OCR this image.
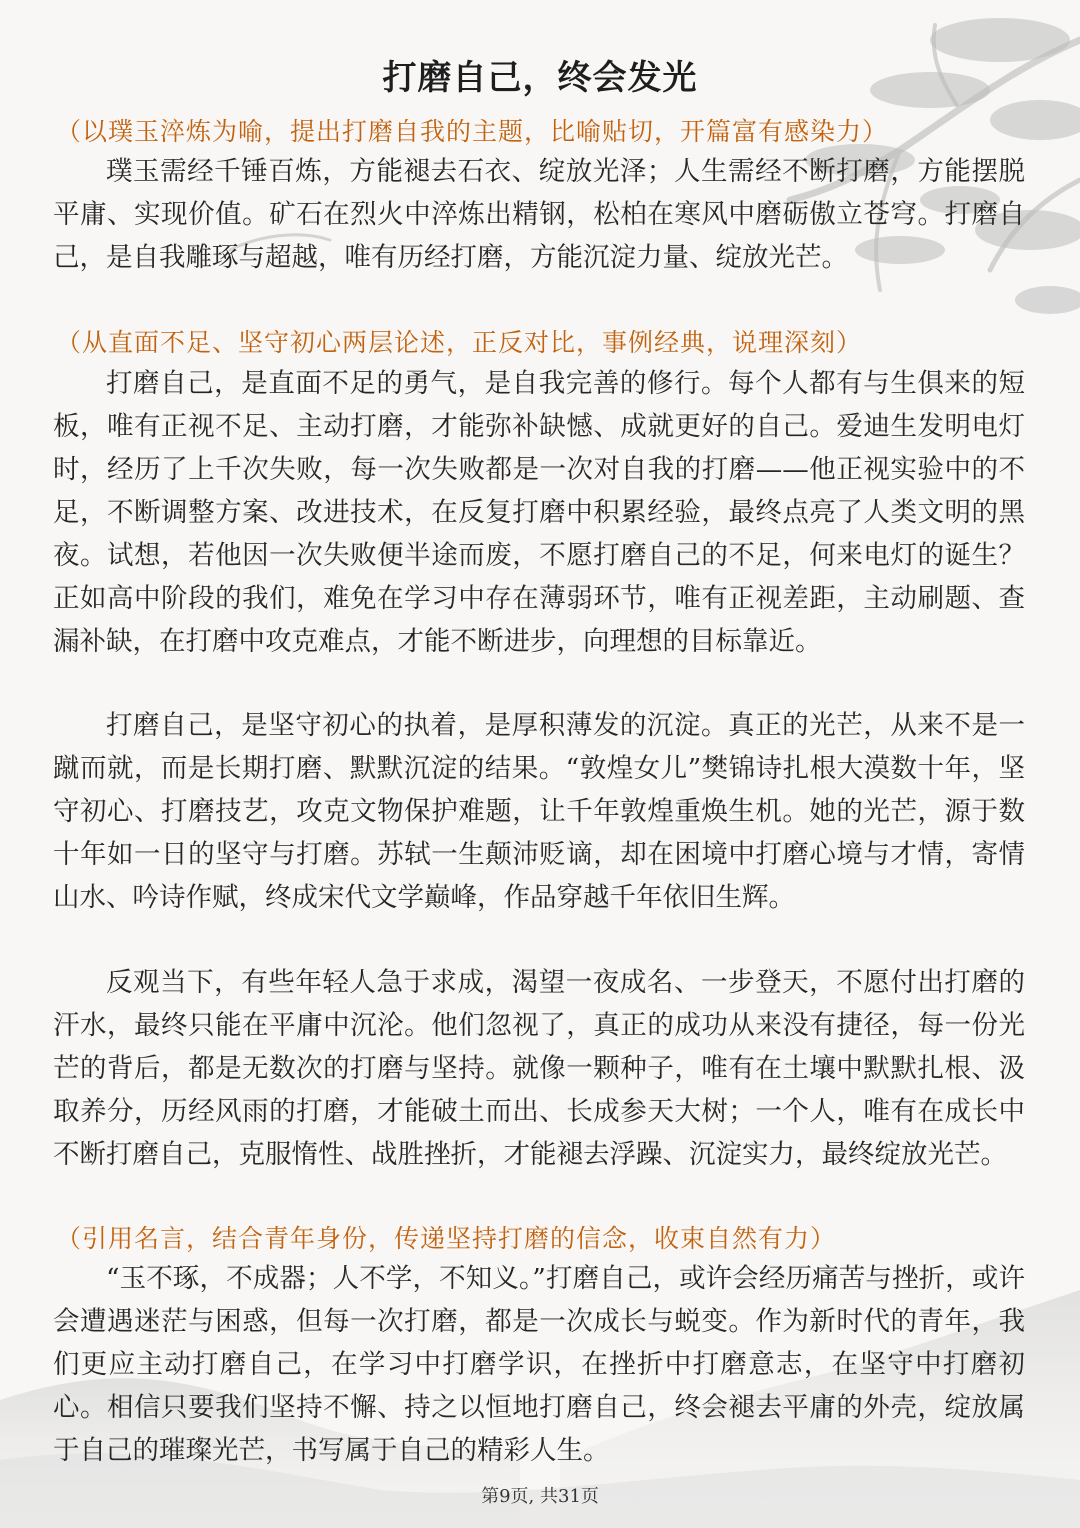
打磨自己，终会发光
（以璞玉淬炼为喻，提出打磨自我的主题，比喻贴切，开篇富有感染力）

璞玉需经千锤百炼，方能褪去石衣、绽放光泽；人生需经不断打磨，方能摆脱平庸、实现价值。矿石在烈火中淬炼出精钢，松柏在寒风中磨砺傲立苍穹。打磨自己，是自我雕琢与超越，唯有历经打磨，方能沉淀力量、绽放光芒。

（从直面不足、坚守初心两层论述，正反对比，事例经典，说理深刻）

打磨自己，是直面不足的勇气，是自我完善的修行。每个人都有与生俱来的短板，唯有正视不足、主动打磨，才能弥补缺憾、成就更好的自己。爱迪生发明电灯时，经历了上千次失败，每一次失败都是一次对自我的打磨——他正视实验中的不足，不断调整方案、改进技术，在反复打磨中积累经验，最终点亮了人类文明的黑夜。试想，若他因一次失败便半途而废，不愿打磨自己的不足，何来电灯的诞生？正如高中阶段的我们，难免在学习中存在薄弱环节，唯有正视差距，主动刷题、查漏补缺，在打磨中攻克难点，才能不断进步，向理想的目标靠近。

打磨自己，是坚守初心的执着，是厚积薄发的沉淀。真正的光芒，从来不是一蹴而就，而是长期打磨、默默沉淀的结果。“敦煌女儿”樊锦诗扎根大漠数十年，坚守初心、打磨技艺，攻克文物保护难题，让千年敦煌重焕生机。她的光芒，源于数十年如一日的坚守与打磨。苏轼一生颠沛贬谪，却在困境中打磨心境与才情，寄情山水、吟诗作赋，终成宋代文学巅峰，作品穿越千年依旧生辉。

反观当下，有些年轻人急于求成，渴望一夜成名、一步登天，不愿付出打磨的汗水，最终只能在平庸中沉沦。他们忽视了，真正的成功从来没有捷径，每一份光芒的背后，都是无数次的打磨与坚持。就像一颗种子，唯有在土壤中默默扎根、汲取养分，历经风雨的打磨，才能破土而出、长成参天大树；一个人，唯有在成长中不断打磨自己，克服惰性、战胜挫折，才能褪去浮躁、沉淀实力，最终绽放光芒。

（引用名言，结合青年身份，传递坚持打磨的信念，收束自然有力）

“玉不琢，不成器；人不学，不知义。”打磨自己，或许会经历痛苦与挫折，或许会遭遇迷茫与困惑，但每一次打磨，都是一次成长与蜕变。作为新时代的青年，我们更应主动打磨自己，在学习中打磨学识，在挫折中打磨意志，在坚守中打磨初心。相信只要我们坚持不懈、持之以恒地打磨自己，终会褪去平庸的外壳，绽放属于自己的璀璨光芒，书写属于自己的精彩人生。

第9页, 共31页
